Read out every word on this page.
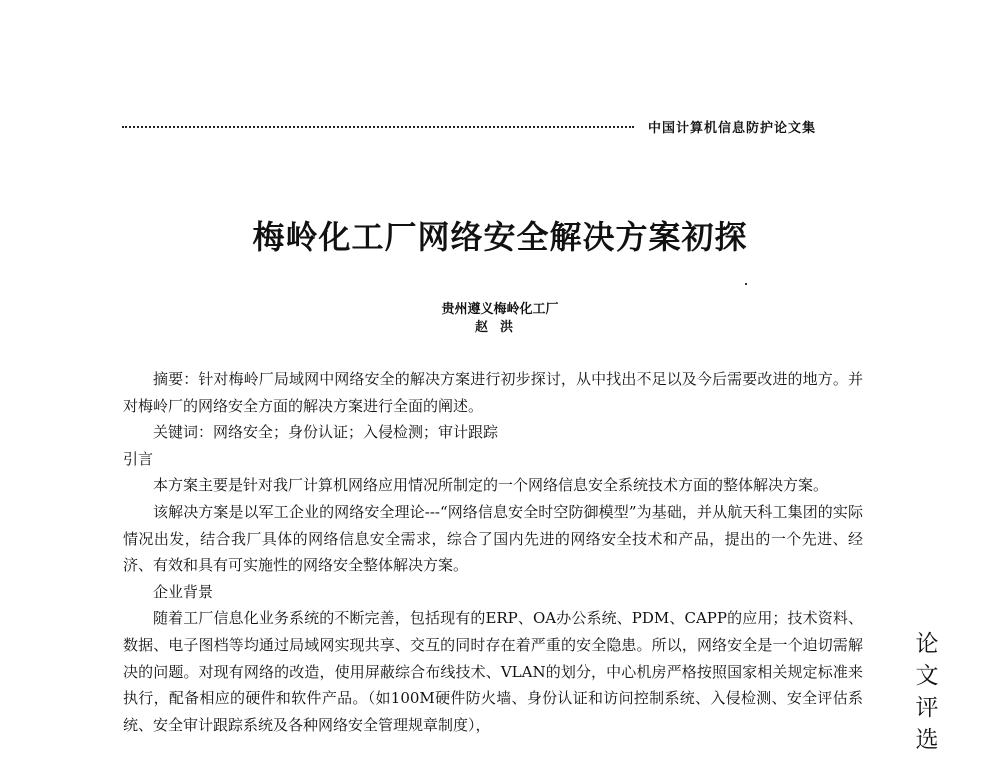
中国计算机信息防护论文集
梅岭化工厂网络安全解决方案初探
贵州遵义梅岭化工厂
赵洪

摘要：针对梅岭厂局域网中网络安全的解决方案进行初步探讨，从中找出不足以及今后需要改进的地方。并对梅岭厂的网络安全方面的解决方案进行全面的阐述。

关键词：网络安全；身份认证；入侵检测；审计跟踪

引言

本方案主要是针对我厂计算机网络应用情况所制定的一个网络信息安全系统技术方面的整体解决方案。

该解决方案是以军工企业的网络安全理论---“网络信息安全时空防御模型”为基础，并从航天科工集团的实际情况出发，结合我厂具体的网络信息安全需求，综合了国内先进的网络安全技术和产品，提出的一个先进、经济、有效和具有可实施性的网络安全整体解决方案。

企业背景

随着工厂信息化业务系统的不断完善，包括现有的ERP、OA办公系统、PDM、CAPP的应用；技术资料、数据、电子图档等均通过局域网实现共享、交互的同时存在着严重的安全隐患。所以，网络安全是一个迫切需解决的问题。对现有网络的改造，使用屏蔽综合布线技术、VLAN的划分，中心机房严格按照国家相关规定标准来执行，配备相应的硬件和软件产品。（如100M硬件防火墙、身份认证和访问控制系统、入侵检测、安全评估系统、安全审计跟踪系统及各种网络安全管理规章制度），

论
文
评
选
